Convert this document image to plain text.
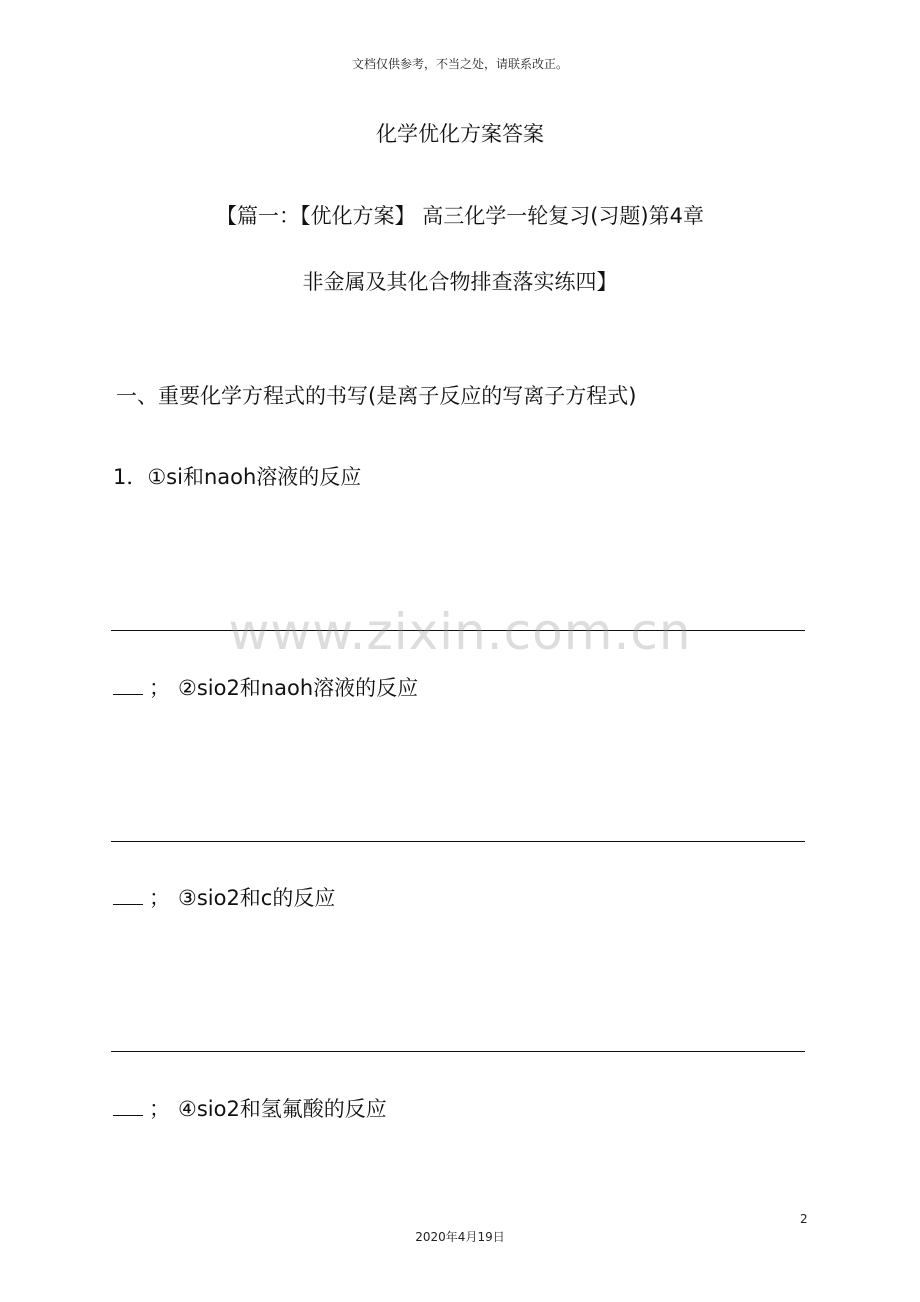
文档仅供参考，不当之处，请联系改正。
化学优化方案答案
【篇一：【优化方案】 高三化学一轮复习(习题)第4章
非金属及其化合物排查落实练四】
一、重要化学方程式的书写(是离子反应的写离子方程式)
1．①si和naoh溶液的反应
； ②sio2和naoh溶液的反应
； ③sio2和c的反应
； ④sio2和氢氟酸的反应
www.zixin.com.cn
2
2020年4月19日
